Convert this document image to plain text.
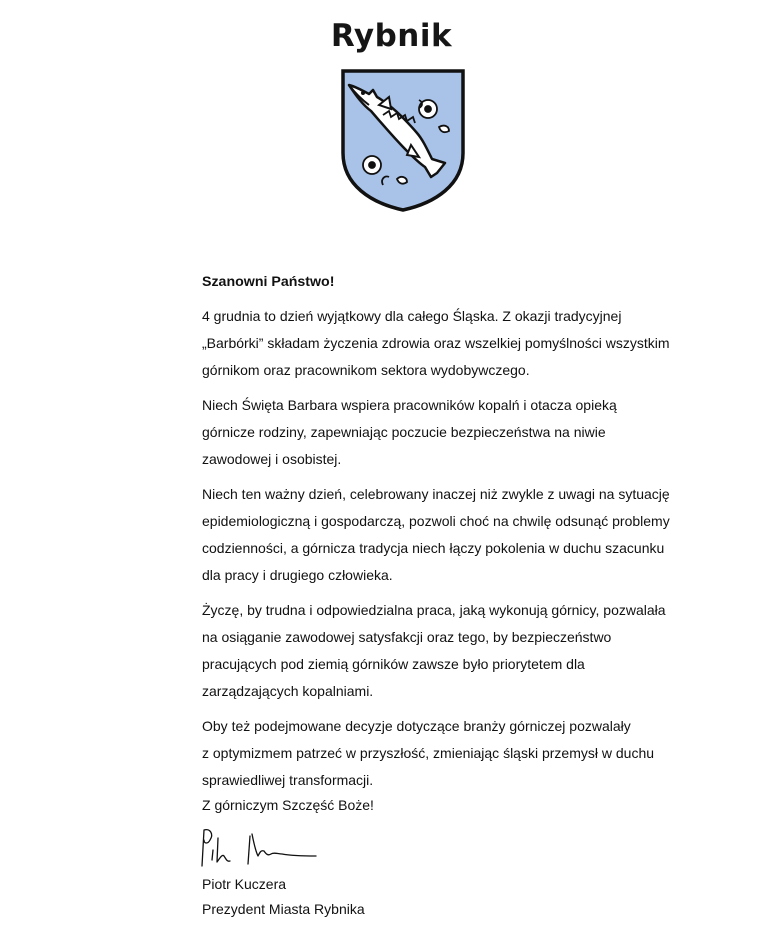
Rybnik

Szanowni Państwo!

4 grudnia to dzień wyjątkowy dla całego Śląska. Z okazji tradycyjnej
„Barbórki” składam życzenia zdrowia oraz wszelkiej pomyślności wszystkim
górnikom oraz pracownikom sektora wydobywczego.

Niech Święta Barbara wspiera pracowników kopalń i otacza opieką
górnicze rodziny, zapewniając poczucie bezpieczeństwa na niwie
zawodowej i osobistej.

Niech ten ważny dzień, celebrowany inaczej niż zwykle z uwagi na sytuację
epidemiologiczną i gospodarczą, pozwoli choć na chwilę odsunąć problemy
codzienności, a górnicza tradycja niech łączy pokolenia w duchu szacunku
dla pracy i drugiego człowieka.

Życzę, by trudna i odpowiedzialna praca, jaką wykonują górnicy, pozwalała
na osiąganie zawodowej satysfakcji oraz tego, by bezpieczeństwo
pracujących pod ziemią górników zawsze było priorytetem dla
zarządzających kopalniami.

Oby też podejmowane decyzje dotyczące branży górniczej pozwalały
z optymizmem patrzeć w przyszłość, zmieniając śląski przemysł w duchu
sprawiedliwej transformacji.

Z górniczym Szczęść Boże!

Piotr Kuczera
Prezydent Miasta Rybnika
